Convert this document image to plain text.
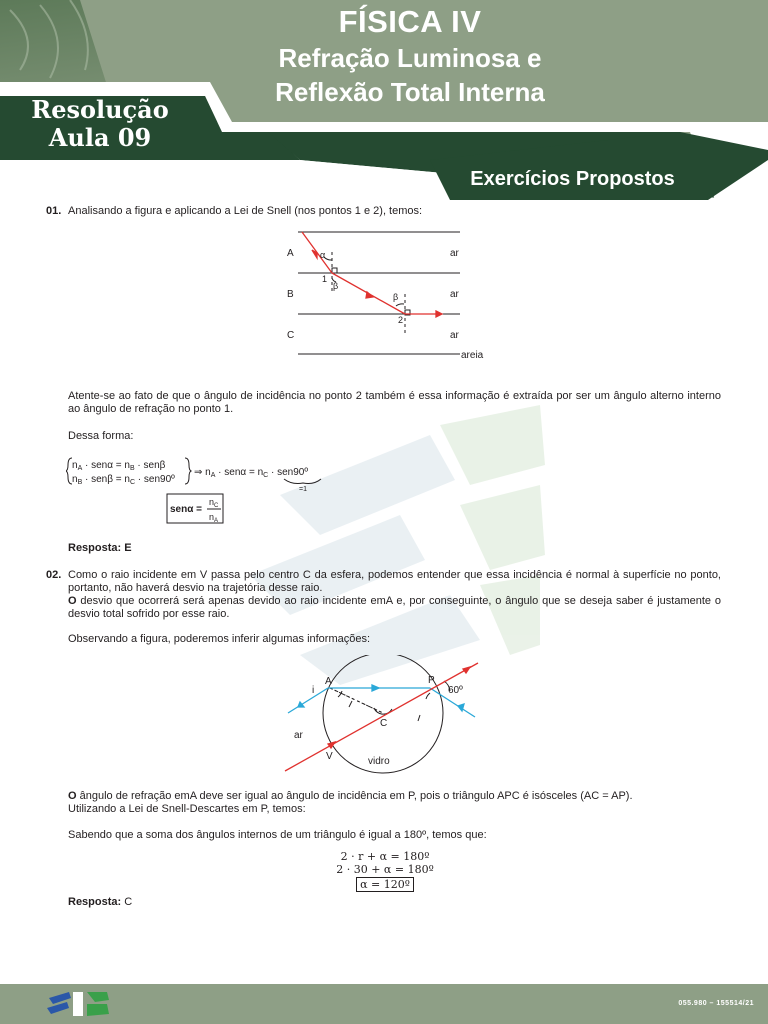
FÍSICA IV
Refração Luminosa e
Reflexão Total Interna
Resolução
Aula 09
Exercícios Propostos
01. Analisando a figura e aplicando a Lei de Snell (nos pontos 1 e 2), temos:
A
B
C
ar
ar
ar
areia
α
β
β
1
2
Atente-se ao fato de que o ângulo de incidência no ponto 2 também é essa informação é extraída por ser um ângulo alterno interno ao ângulo de refração no ponto 1.
Dessa forma:
$n_A \cdot sen\alpha = n_B \cdot sen\beta$
$n_B \cdot sen\beta = n_C$ · sen90º
⇒ $n_A \cdot sen\alpha = n_C$ · sen90º
=1
senα =
$n_C$
$n_A$
Resposta: E
02. Como o raio incidente em V passa pelo centro C da esfera, podemos entender que essa incidência é normal à superfície no ponto, portanto, não haverá desvio na trajetória desse raio.
O desvio que ocorrerá será apenas devido ao raio incidente emA e, por conseguinte, o ângulo que se deseja saber é justamente o desvio total sofrido por esse raio.
Observando a figura, poderemos inferir algumas informações:
A	P
C
V
i	60º
ar
vidro
O ângulo de refração emA deve ser igual ao ângulo de incidência em P, pois o triângulo APC é isósceles (AC = AP).
Utilizando a Lei de Snell-Descartes em P, temos:
Sabendo que a soma dos ângulos internos de um triângulo é igual a 180º, temos que:
2 · r + α = 180º
2 · 30 + α = 180º
α = 120º
Resposta: C
055.980 – 155514/21
